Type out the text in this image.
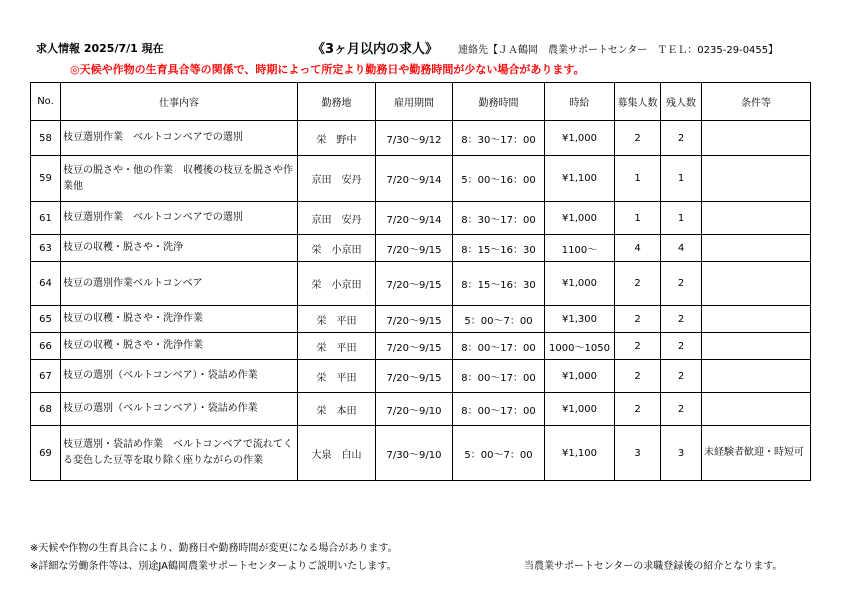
求人情報 2025/7/1 現在	《3ヶ月以内の求人》 連絡先【ＪＡ鶴岡　農業サポートセンター　ＴＥＬ：0235-29-0455】
◎天候や作物の生育具合等の関係で、時期によって所定より勤務日や勤務時間が少ない場合があります。
No.	仕事内容	勤務地	雇用期間	勤務時間	時給	募集人数	残人数	条件等
58	枝豆選別作業　ベルトコンベアでの選別	栄　野中	7/30～9/12	8：30～17：00	¥1,000	2	2	
59	枝豆の脱さや・他の作業　収穫後の枝豆を脱さや作業他	京田　安丹	7/20～9/14	5：00～16：00	¥1,100	1	1	
61	枝豆選別作業　ベルトコンベアでの選別	京田　安丹	7/20～9/14	8：30～17：00	¥1,000	1	1	
63	枝豆の収穫・脱さや・洗浄	栄　小京田	7/20～9/15	8：15～16：30	1100～	4	4	
64	枝豆の選別作業ベルトコンベア	栄　小京田	7/20～9/15	8：15～16：30	¥1,000	2	2	
65	枝豆の収穫・脱さや・洗浄作業	栄　平田	7/20～9/15	5：00～7：00	¥1,300	2	2	
66	枝豆の収穫・脱さや・洗浄作業	栄　平田	7/20～9/15	8：00～17：00	1000～1050	2	2	
67	枝豆の選別（ベルトコンベア）・袋詰め作業	栄　平田	7/20～9/15	8：00～17：00	¥1,000	2	2	
68	枝豆の選別（ベルトコンベア）・袋詰め作業	栄　本田	7/20～9/10	8：00～17：00	¥1,000	2	2	
69	枝豆選別・袋詰め作業　ベルトコンベアで流れてくる変色した豆等を取り除く座りながらの作業	大泉　白山	7/30～9/10	5：00～7：00	¥1,100	3	3	未経験者歓迎・時短可
※天候や作物の生育具合により、勤務日や勤務時間が変更になる場合があります。
※詳細な労働条件等は、別途JA鶴岡農業サポートセンターよりご説明いたします。	当農業サポートセンターの求職登録後の紹介となります。
